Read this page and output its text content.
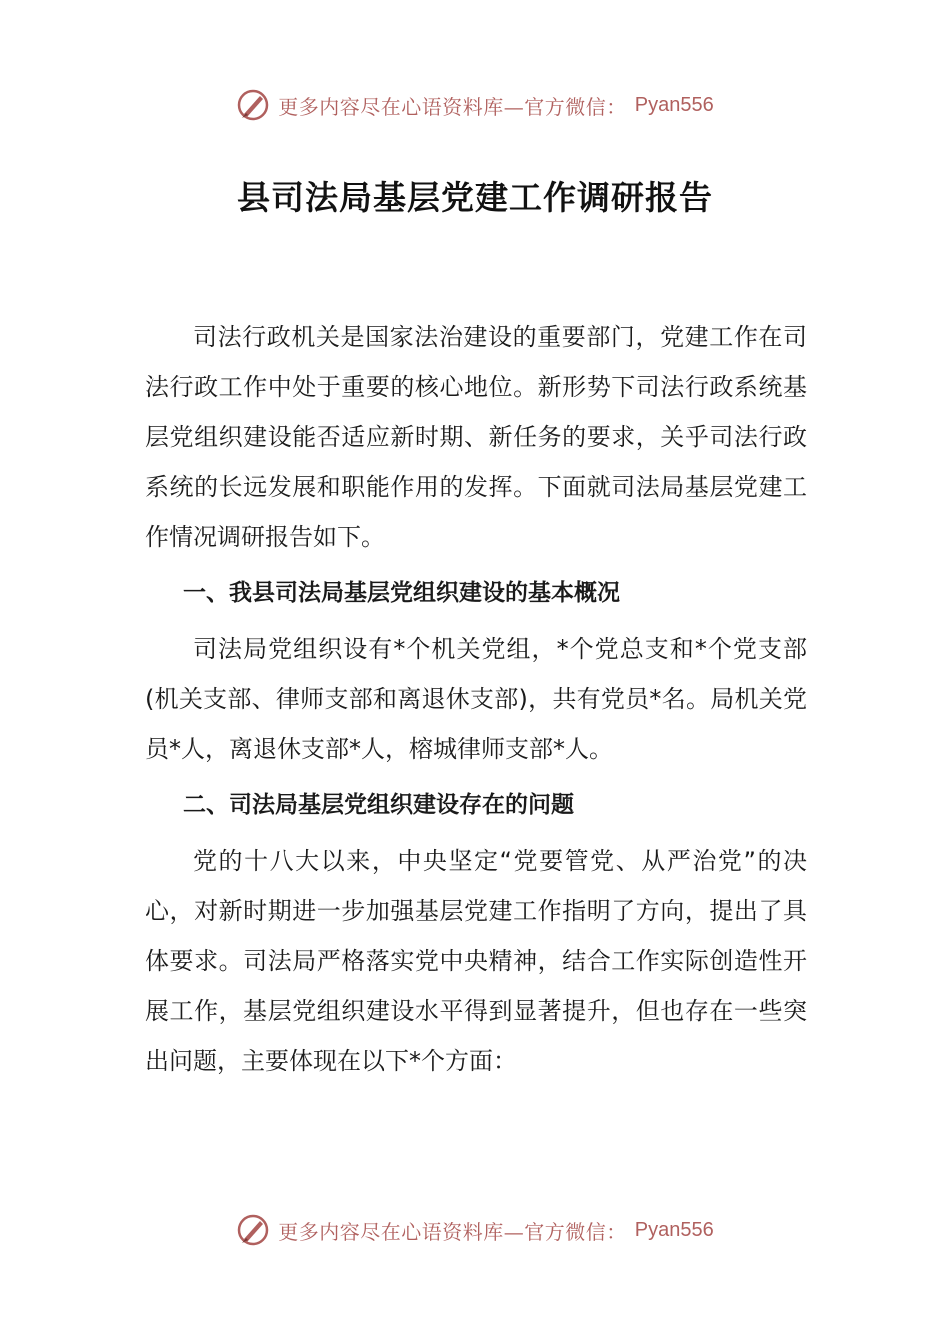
更多内容尽在心语资料库—官方微信： Pyan556
县司法局基层党建工作调研报告

司法行政机关是国家法治建设的重要部门，党建工作在司法行政工作中处于重要的核心地位。新形势下司法行政系统基层党组织建设能否适应新时期、新任务的要求，关乎司法行政系统的长远发展和职能作用的发挥。下面就司法局基层党建工作情况调研报告如下。

一、我县司法局基层党组织建设的基本概况

司法局党组织设有*个机关党组，*个党总支和*个党支部(机关支部、律师支部和离退休支部)，共有党员*名。局机关党员*人，离退休支部*人，榕城律师支部*人。

二、司法局基层党组织建设存在的问题

党的十八大以来，中央坚定“党要管党、从严治党”的决心，对新时期进一步加强基层党建工作指明了方向，提出了具体要求。司法局严格落实党中央精神，结合工作实际创造性开展工作，基层党组织建设水平得到显著提升，但也存在一些突出问题，主要体现在以下*个方面：

更多内容尽在心语资料库—官方微信： Pyan556
